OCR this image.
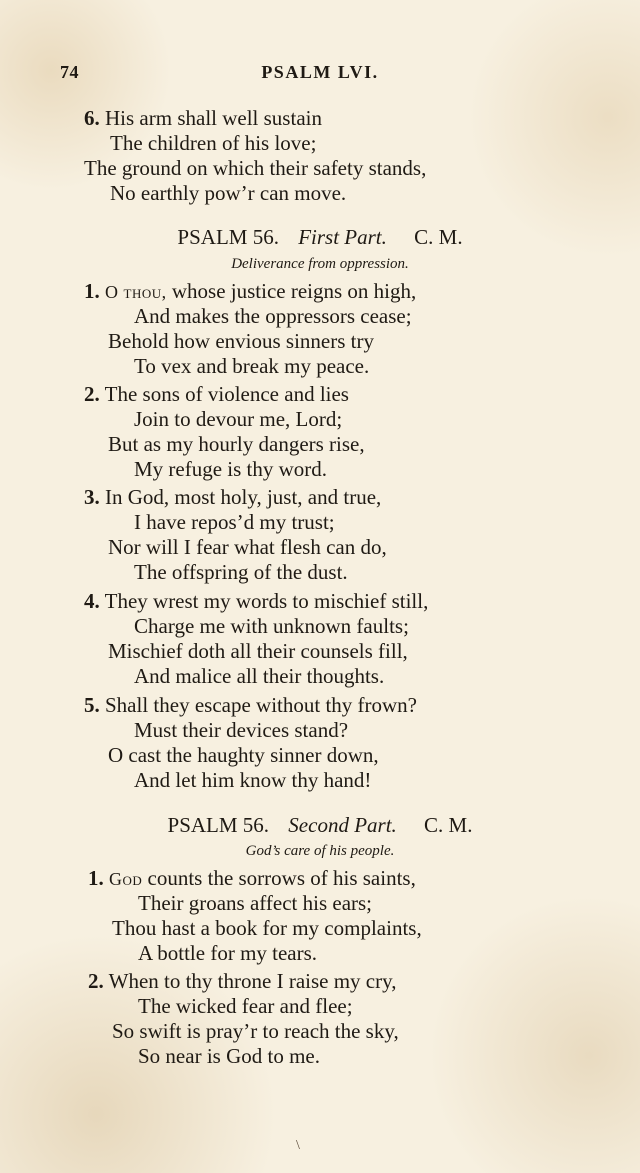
74	PSALM LVI.
6. His arm shall well sustain
The children of his love;
The ground on which their safety stands,
No earthly pow’r can move.
PSALM 56. First Part. C. M.
Deliverance from oppression.
1. O thou, whose justice reigns on high,
And makes the oppressors cease;
Behold how envious sinners try
To vex and break my peace.
2. The sons of violence and lies
Join to devour me, Lord;
But as my hourly dangers rise,
My refuge is thy word.
3. In God, most holy, just, and true,
I have repos’d my trust;
Nor will I fear what flesh can do,
The offspring of the dust.
4. They wrest my words to mischief still,
Charge me with unknown faults;
Mischief doth all their counsels fill,
And malice all their thoughts.
5. Shall they escape without thy frown?
Must their devices stand?
O cast the haughty sinner down,
And let him know thy hand!
PSALM 56. Second Part. C. M.
God’s care of his people.
1. God counts the sorrows of his saints,
Their groans affect his ears;
Thou hast a book for my complaints,
A bottle for my tears.
2. When to thy throne I raise my cry,
The wicked fear and flee;
So swift is pray’r to reach the sky,
So near is God to me.
\
